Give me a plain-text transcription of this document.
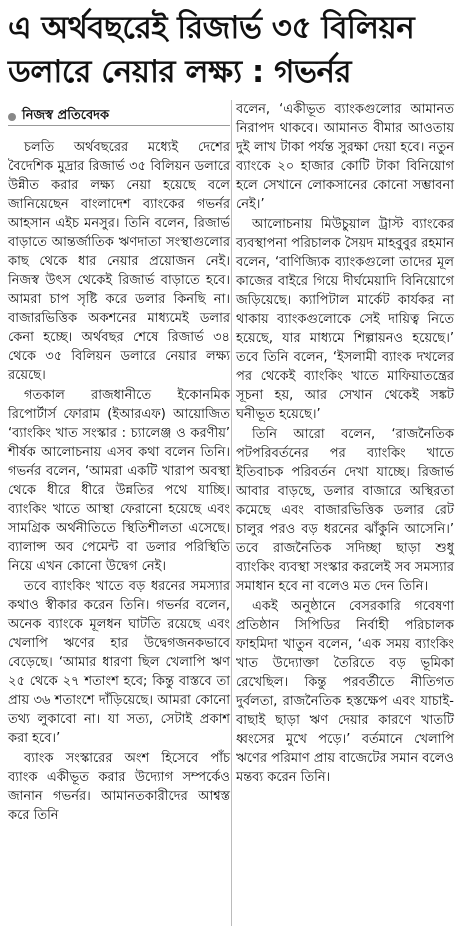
এ অর্থবছরেই রিজার্ভ ৩৫ বিলিয়ন
ডলারে নেয়ার লক্ষ্য : গভর্নর
নিজস্ব প্রতিবেদক

চলতি অর্থবছরের মধ্যেই দেশের বৈদেশিক মুদ্রার রিজার্ভ ৩৫ বিলিয়ন ডলারে উন্নীত করার লক্ষ্য নেয়া হয়েছে বলে জানিয়েছেন বাংলাদেশ ব্যাংকের গভর্নর আহসান এইচ মনসুর। তিনি বলেন, রিজার্ভ বাড়াতে আন্তর্জাতিক ঋণদাতা সংস্থাগুলোর কাছ থেকে ধার নেয়ার প্রয়োজন নেই। নিজস্ব উৎস থেকেই রিজার্ভ বাড়াতে হবে। আমরা চাপ সৃষ্টি করে ডলার কিনছি না। বাজারভিত্তিক অকশনের মাধ্যমেই ডলার কেনা হচ্ছে। অর্থবছর শেষে রিজার্ভ ৩৪ থেকে ৩৫ বিলিয়ন ডলারে নেয়ার লক্ষ্য রয়েছে।

গতকাল রাজধানীতে ইকোনমিক রিপোর্টার্স ফোরাম (ইআরএফ) আয়োজিত ‘ব্যাংকিং খাত সংস্কার : চ্যালেঞ্জ ও করণীয়’ শীর্ষক আলোচনায় এসব কথা বলেন তিনি। গভর্নর বলেন, ‘আমরা একটি খারাপ অবস্থা থেকে ধীরে ধীরে উন্নতির পথে যাচ্ছি। ব্যাংকিং খাতে আস্থা ফেরানো হয়েছে এবং সামগ্রিক অর্থনীতিতে স্থিতিশীলতা এসেছে। ব্যালান্স অব পেমেন্ট বা ডলার পরিস্থিতি নিয়ে এখন কোনো উদ্বেগ নেই।

তবে ব্যাংকিং খাতে বড় ধরনের সমস্যার কথাও স্বীকার করেন তিনি। গভর্নর বলেন, অনেক ব্যাংকে মূলধন ঘাটতি রয়েছে এবং খেলাপি ঋণের হার উদ্বেগজনকভাবে বেড়েছে। ‘আমার ধারণা ছিল খেলাপি ঋণ ২৫ থেকে ২৭ শতাংশ হবে; কিন্তু বাস্তবে তা প্রায় ৩৬ শতাংশে দাঁড়িয়েছে। আমরা কোনো তথ্য লুকাবো না। যা সত্য, সেটাই প্রকাশ করা হবে।’

ব্যাংক সংস্কারের অংশ হিসেবে পাঁচ ব্যাংক একীভূত করার উদ্যোগ সম্পর্কেও জানান গভর্নর। আমানতকারীদের আশ্বস্ত করে তিনি

বলেন, ‘একীভূত ব্যাংকগুলোর আমানত নিরাপদ থাকবে। আমানত বীমার আওতায় দুই লাখ টাকা পর্যন্ত সুরক্ষা দেয়া হবে। নতুন ব্যাংকে ২০ হাজার কোটি টাকা বিনিয়োগ হলে সেখানে লোকসানের কোনো সম্ভাবনা নেই।’

আলোচনায় মিউচুয়াল ট্রাস্ট ব্যাংকের ব্যবস্থাপনা পরিচালক সৈয়দ মাহবুবুর রহমান বলেন, ‘বাণিজ্যিক ব্যাংকগুলো তাদের মূল কাজের বাইরে গিয়ে দীর্ঘমেয়াদি বিনিয়োগে জড়িয়েছে। ক্যাপিটাল মার্কেট কার্যকর না থাকায় ব্যাংকগুলোকে সেই দায়িত্ব নিতে হয়েছে, যার মাধ্যমে শিল্পায়নও হয়েছে।’ তবে তিনি বলেন, ‘ইসলামী ব্যাংক দখলের পর থেকেই ব্যাংকিং খাতে মাফিয়াতন্ত্রের সূচনা হয়, আর সেখান থেকেই সঙ্কট ঘনীভূত হয়েছে।’

তিনি আরো বলেন, ‘রাজনৈতিক পটপরিবর্তনের পর ব্যাংকিং খাতে ইতিবাচক পরিবর্তন দেখা যাচ্ছে। রিজার্ভ আবার বাড়ছে, ডলার বাজারে অস্থিরতা কমেছে এবং বাজারভিত্তিক ডলার রেট চালুর পরও বড় ধরনের ঝাঁকুনি আসেনি।’ তবে রাজনৈতিক সদিচ্ছা ছাড়া শুধু ব্যাংকিং ব্যবস্থা সংস্কার করলেই সব সমস্যার সমাধান হবে না বলেও মত দেন তিনি।

একই অনুষ্ঠানে বেসরকারি গবেষণা প্রতিষ্ঠান সিপিডির নির্বাহী পরিচালক ফাহমিদা খাতুন বলেন, ‘এক সময় ব্যাংকিং খাত উদ্যোক্তা তৈরিতে বড় ভূমিকা রেখেছিল। কিন্তু পরবর্তীতে নীতিগত দুর্বলতা, রাজনৈতিক হস্তক্ষেপ এবং যাচাই-বাছাই ছাড়া ঋণ দেয়ার কারণে খাতটি ধ্বংসের মুখে পড়ে।’ বর্তমানে খেলাপি ঋণের পরিমাণ প্রায় বাজেটের সমান বলেও মন্তব্য করেন তিনি।
